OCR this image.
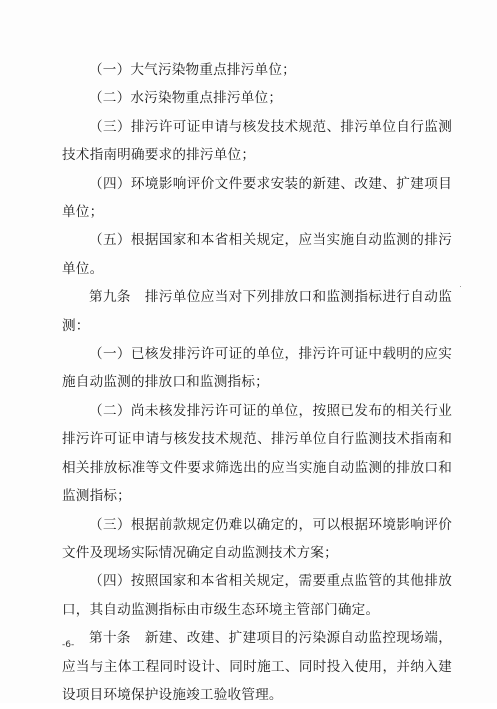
（一）大气污染物重点排污单位；

（二）水污染物重点排污单位；

（三）排污许可证申请与核发技术规范、排污单位自行监测技术指南明确要求的排污单位；

（四）环境影响评价文件要求安装的新建、改建、扩建项目单位；

（五）根据国家和本省相关规定，应当实施自动监测的排污单位。

第九条　排污单位应当对下列排放口和监测指标进行自动监测：

（一）已核发排污许可证的单位，排污许可证中载明的应实施自动监测的排放口和监测指标；

（二）尚未核发排污许可证的单位，按照已发布的相关行业排污许可证申请与核发技术规范、排污单位自行监测技术指南和相关排放标准等文件要求筛选出的应当实施自动监测的排放口和监测指标；

（三）根据前款规定仍难以确定的，可以根据环境影响评价文件及现场实际情况确定自动监测技术方案；

（四）按照国家和本省相关规定，需要重点监管的其他排放口，其自动监测指标由市级生态环境主管部门确定。

第十条　新建、改建、扩建项目的污染源自动监控现场端，应当与主体工程同时设计、同时施工、同时投入使用，并纳入建设项目环境保护设施竣工验收管理。

-6-
